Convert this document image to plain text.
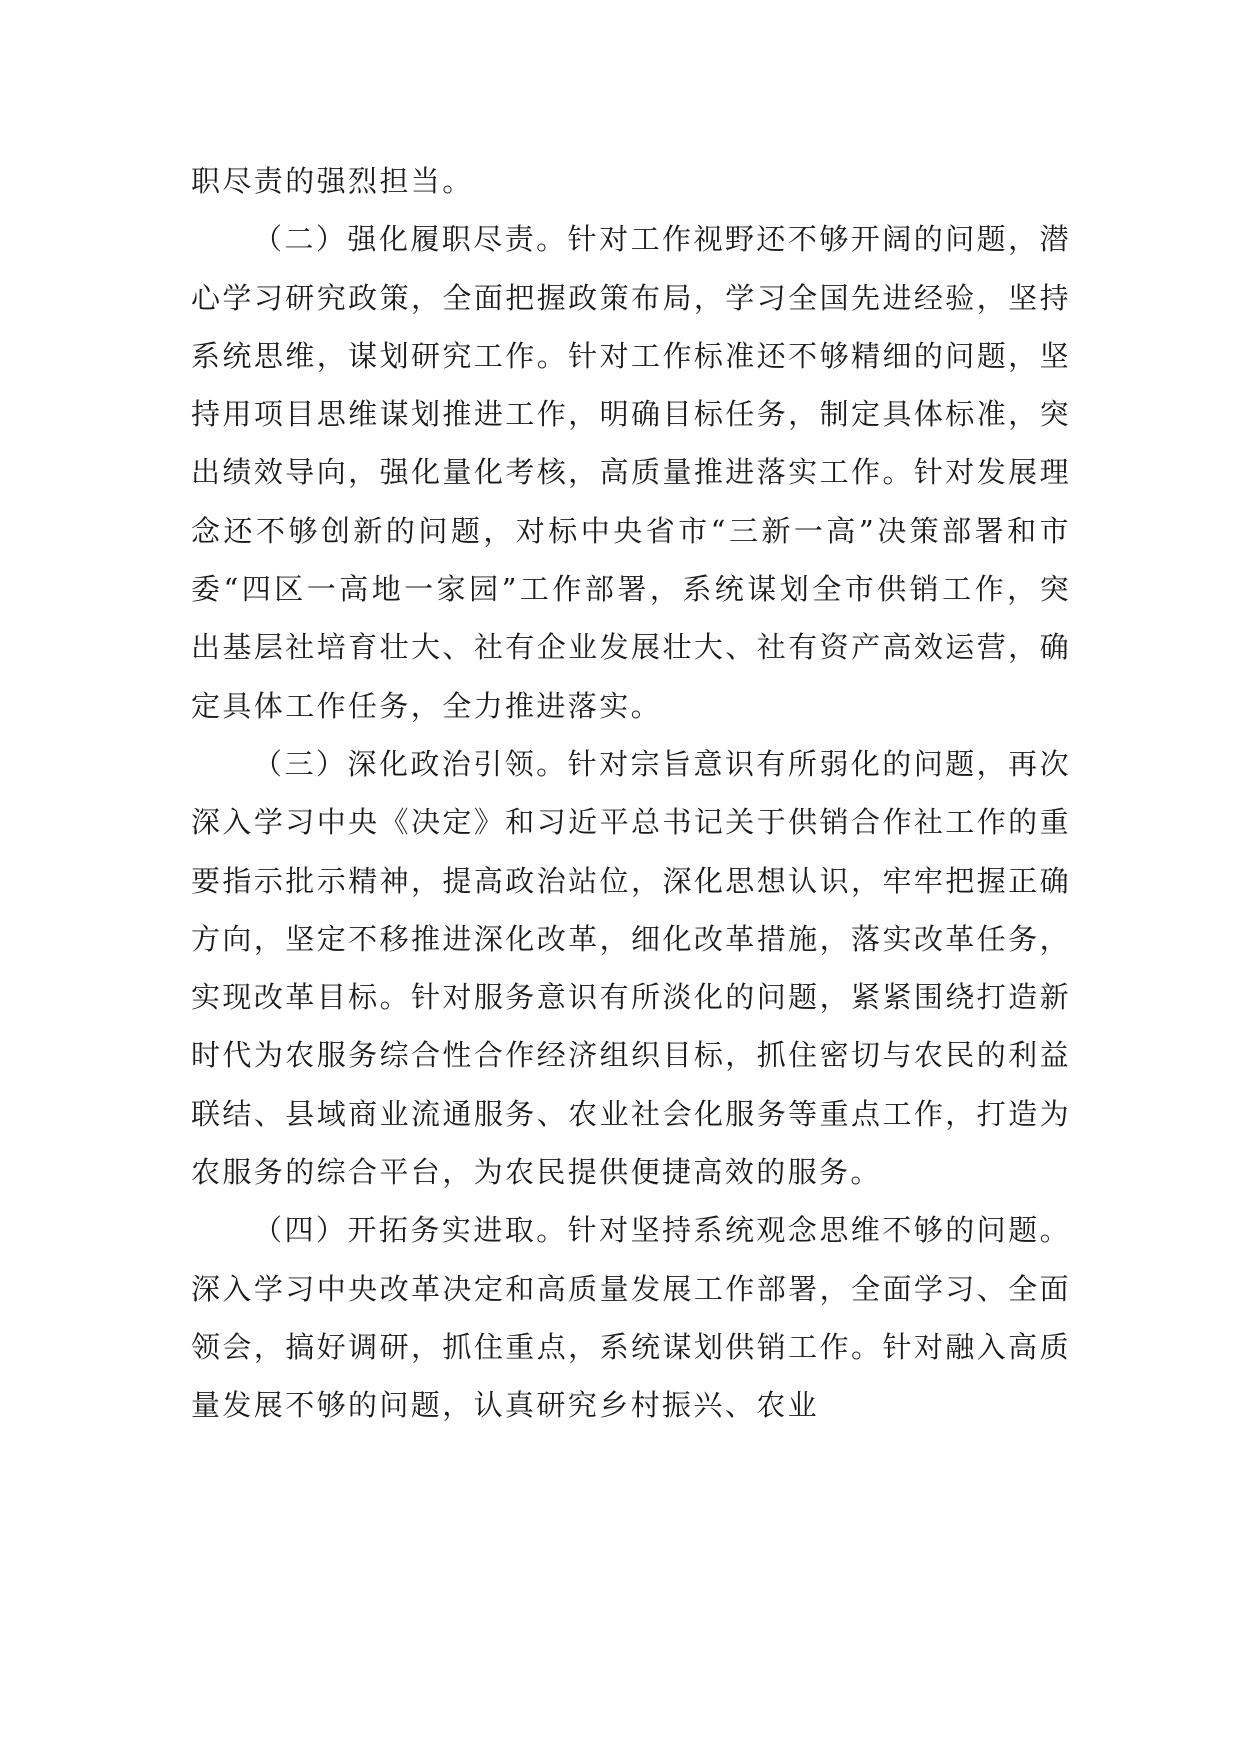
职尽责的强烈担当。

（二）强化履职尽责。针对工作视野还不够开阔的问题，潜心学习研究政策，全面把握政策布局，学习全国先进经验，坚持系统思维，谋划研究工作。针对工作标准还不够精细的问题，坚持用项目思维谋划推进工作，明确目标任务，制定具体标准，突出绩效导向，强化量化考核，高质量推进落实工作。针对发展理念还不够创新的问题，对标中央省市“三新一高”决策部署和市委“四区一高地一家园”工作部署，系统谋划全市供销工作，突出基层社培育壮大、社有企业发展壮大、社有资产高效运营，确定具体工作任务，全力推进落实。

（三）深化政治引领。针对宗旨意识有所弱化的问题，再次深入学习中央《决定》和习近平总书记关于供销合作社工作的重要指示批示精神，提高政治站位，深化思想认识，牢牢把握正确方向，坚定不移推进深化改革，细化改革措施，落实改革任务，实现改革目标。针对服务意识有所淡化的问题，紧紧围绕打造新时代为农服务综合性合作经济组织目标，抓住密切与农民的利益联结、县域商业流通服务、农业社会化服务等重点工作，打造为农服务的综合平台，为农民提供便捷高效的服务。

（四）开拓务实进取。针对坚持系统观念思维不够的问题。深入学习中央改革决定和高质量发展工作部署，全面学习、全面领会，搞好调研，抓住重点，系统谋划供销工作。针对融入高质量发展不够的问题，认真研究乡村振兴、农业
